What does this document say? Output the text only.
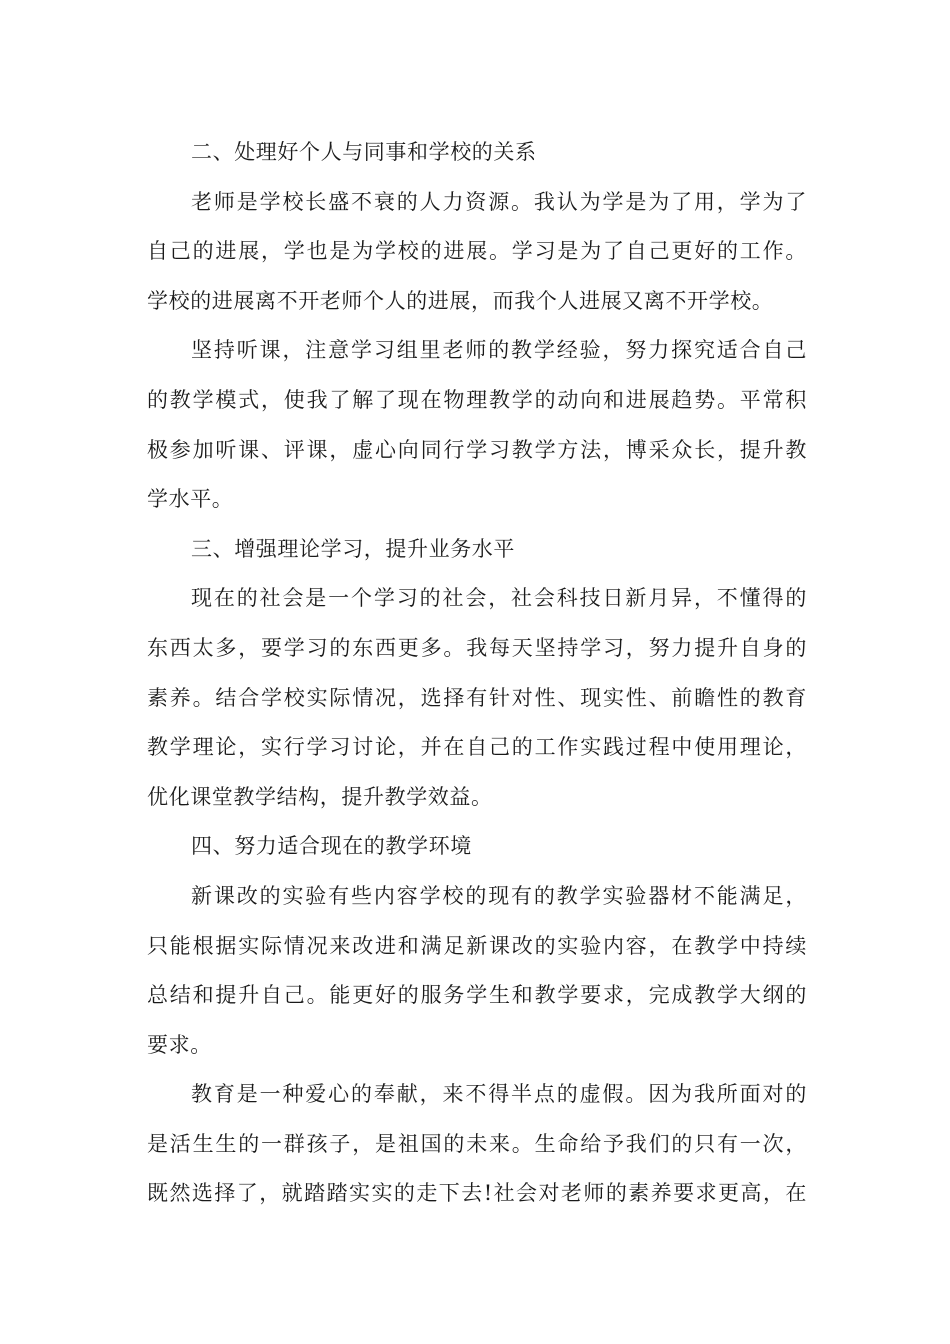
二、处理好个人与同事和学校的关系
老师是学校长盛不衰的人力资源。我认为学是为了用，学为了
自己的进展，学也是为学校的进展。学习是为了自己更好的工作。
学校的进展离不开老师个人的进展，而我个人进展又离不开学校。
坚持听课，注意学习组里老师的教学经验，努力探究适合自己
的教学模式，使我了解了现在物理教学的动向和进展趋势。平常积
极参加听课、评课，虚心向同行学习教学方法，博采众长，提升教
学水平。
三、增强理论学习，提升业务水平
现在的社会是一个学习的社会，社会科技日新月异，不懂得的
东西太多，要学习的东西更多。我每天坚持学习，努力提升自身的
素养。结合学校实际情况，选择有针对性、现实性、前瞻性的教育
教学理论，实行学习讨论，并在自己的工作实践过程中使用理论，
优化课堂教学结构，提升教学效益。
四、努力适合现在的教学环境
新课改的实验有些内容学校的现有的教学实验器材不能满足，
只能根据实际情况来改进和满足新课改的实验内容，在教学中持续
总结和提升自己。能更好的服务学生和教学要求，完成教学大纲的
要求。
教育是一种爱心的奉献，来不得半点的虚假。因为我所面对的
是活生生的一群孩子，是祖国的未来。生命给予我们的只有一次，
既然选择了，就踏踏实实的走下去!社会对老师的素养要求更高，在
